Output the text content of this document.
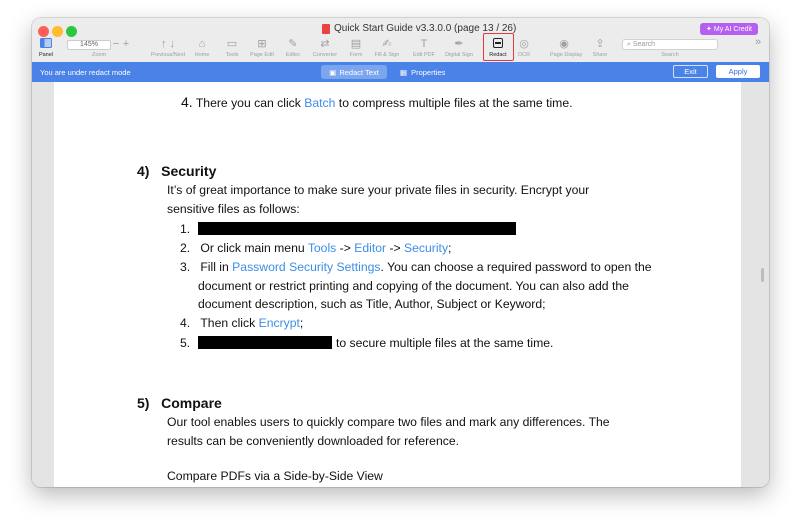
Quick Start Guide v3.3.0.0 (page 13 / 26)	✦ My AI Credit
Panel
145%	− +
Zoom
↑ ↓
Previous/Next
⌂
Home
▭
Tools
⊞
Page Edit
✎
Editor
⇄
Converter
▤
Form
✍
Fill & Sign
T
Edit PDF
✒
Digital Sign	Redact
◎
OCR
◉
Page Display
⇪
Share
⌕ Search
Search
»
You are under redact mode	▣ Redact Text	▦ Properties	Exit	Apply
4. There you can click Batch to compress multiple files at the same time.
4) Security
It’s of great importance to make sure your private files in security. Encrypt your
sensitive files as follows:
1.
2. Or click main menu Tools -> Editor -> Security;
3. Fill in Password Security Settings. You can choose a required password to open the
document or restrict printing and copying of the document. You can also add the
document description, such as Title, Author, Subject or Keyword;
4. Then click Encrypt;
5.	to secure multiple files at the same time.
5) Compare
Our tool enables users to quickly compare two files and mark any differences. The
results can be conveniently downloaded for reference.
Compare PDFs via a Side-by-Side View
